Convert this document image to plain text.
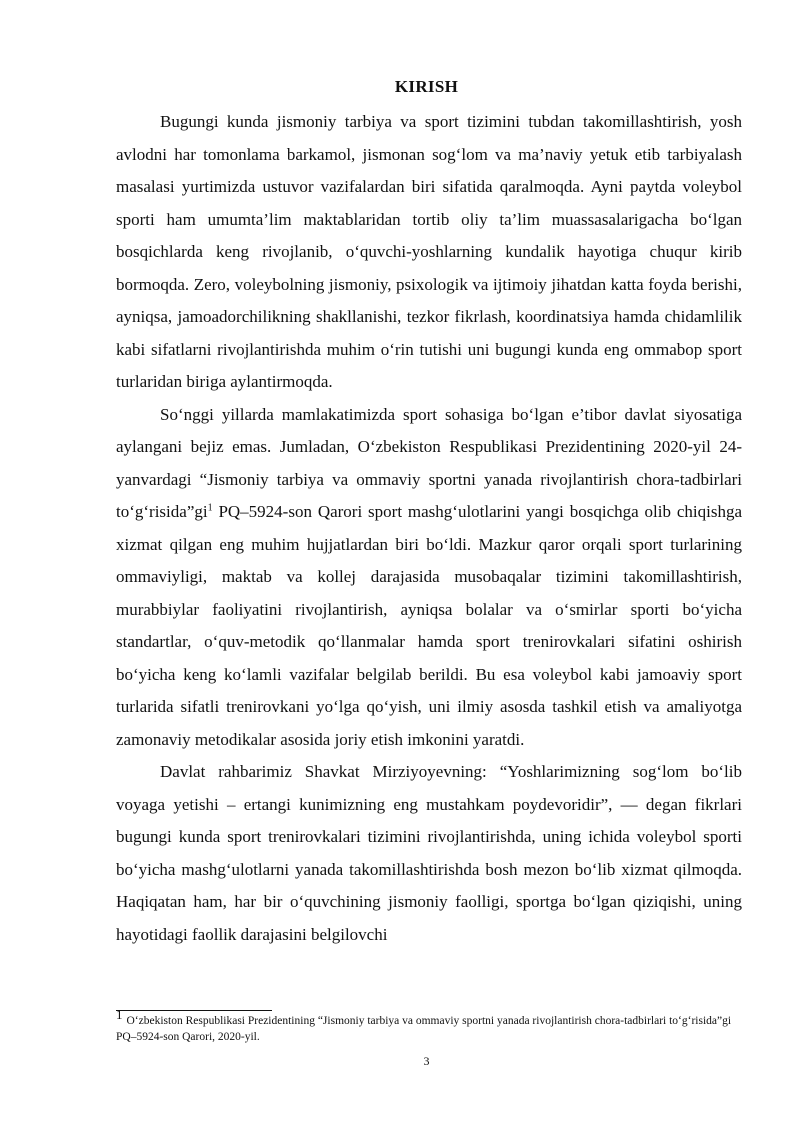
KIRISH

Bugungi kunda jismoniy tarbiya va sport tizimini tubdan takomillashtirish, yosh avlodni har tomonlama barkamol, jismonan sog‘lom va ma’naviy yetuk etib tarbiyalash masalasi yurtimizda ustuvor vazifalardan biri sifatida qaralmoqda. Ayni paytda voleybol sporti ham umumta’lim maktablaridan tortib oliy ta’lim muassasalarigacha bo‘lgan bosqichlarda keng rivojlanib, o‘quvchi-yoshlarning kundalik hayotiga chuqur kirib bormoqda. Zero, voleybolning jismoniy, psixologik va ijtimoiy jihatdan katta foyda berishi, ayniqsa, jamoadorchilikning shakllanishi, tezkor fikrlash, koordinatsiya hamda chidamlilik kabi sifatlarni rivojlantirishda muhim o‘rin tutishi uni bugungi kunda eng ommabop sport turlaridan biriga aylantirmoqda.

So‘nggi yillarda mamlakatimizda sport sohasiga bo‘lgan e’tibor davlat siyosatiga aylangani bejiz emas. Jumladan, O‘zbekiston Respublikasi Prezidentining 2020-yil 24-yanvardagi “Jismoniy tarbiya va ommaviy sportni yanada rivojlantirish chora-tadbirlari $to‘g‘risida”gi^1$ PQ–5924-son Qarori sport mashg‘ulotlarini yangi bosqichga olib chiqishga xizmat qilgan eng muhim hujjatlardan biri bo‘ldi. Mazkur qaror orqali sport turlarining ommaviyligi, maktab va kollej darajasida musobaqalar tizimini takomillashtirish, murabbiylar faoliyatini rivojlantirish, ayniqsa bolalar va o‘smirlar sporti bo‘yicha standartlar, o‘quv-metodik qo‘llanmalar hamda sport trenirovkalari sifatini oshirish bo‘yicha keng ko‘lamli vazifalar belgilab berildi. Bu esa voleybol kabi jamoaviy sport turlarida sifatli trenirovkani yo‘lga qo‘yish, uni ilmiy asosda tashkil etish va amaliyotga zamonaviy metodikalar asosida joriy etish imkonini yaratdi.

Davlat rahbarimiz Shavkat Mirziyoyevning: “Yoshlarimizning sog‘lom bo‘lib voyaga yetishi – ertangi kunimizning eng mustahkam poydevoridir”, — degan fikrlari bugungi kunda sport trenirovkalari tizimini rivojlantirishda, uning ichida voleybol sporti bo‘yicha mashg‘ulotlarni yanada takomillashtirishda bosh mezon bo‘lib xizmat qilmoqda. Haqiqatan ham, har bir o‘quvchining jismoniy faolligi, sportga bo‘lgan qiziqishi, uning hayotidagi faollik darajasini belgilovchi

$^1$ O‘zbekiston Respublikasi Prezidentining “Jismoniy tarbiya va ommaviy sportni yanada rivojlantirish chora-tadbirlari to‘g‘risida”gi PQ–5924-son Qarori, 2020-yil.
3
